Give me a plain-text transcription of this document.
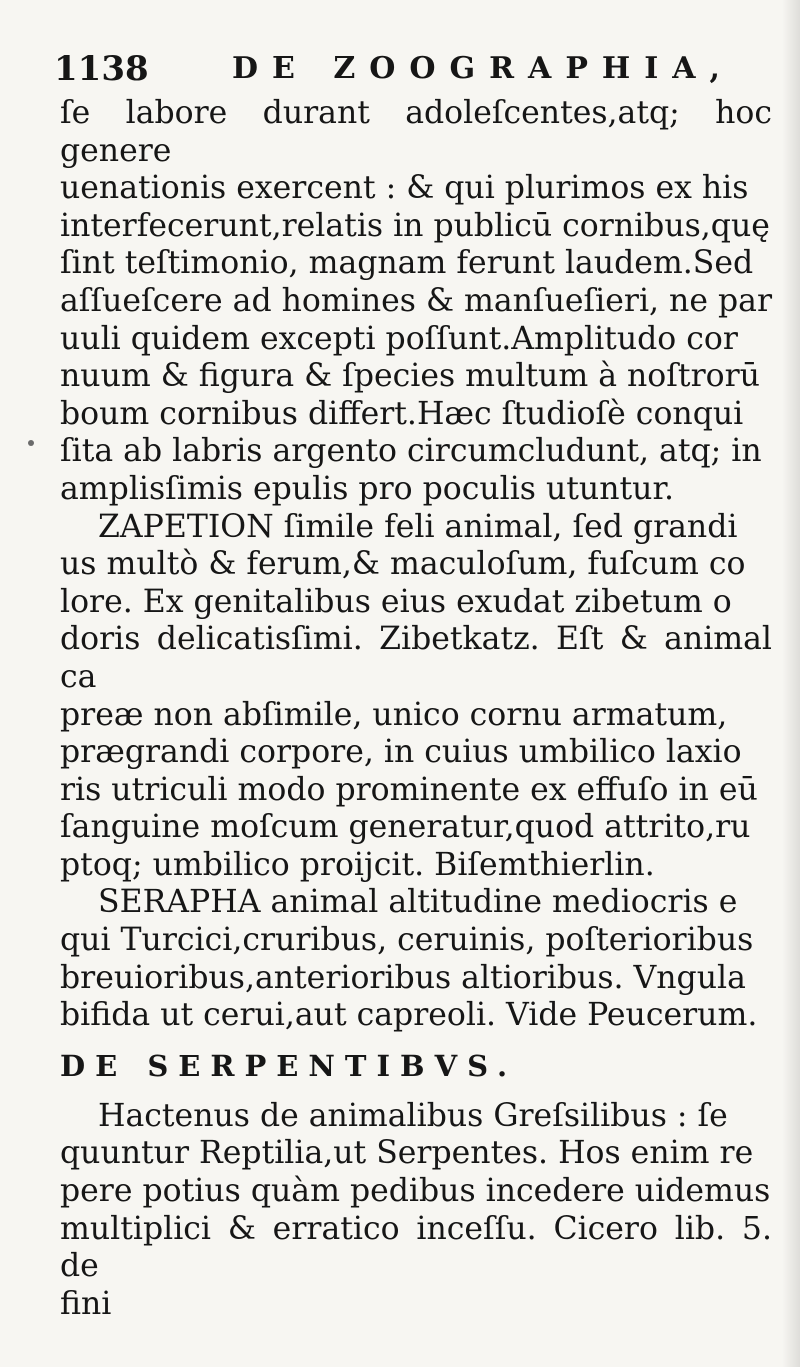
1138	DE ZOOGRAPHIA,

ſe labore durant adoleſcentes,atq; hoc genere
uenationis exercent : & qui plurimos ex his
interfecerunt,relatis in publicū cornibus,quę
ſint teſtimonio, magnam ferunt laudem.Sed
aſſueſcere ad homines & manſueſieri, ne par
uuli quidem excepti poſſunt.Amplitudo cor
nuum & figura & ſpecies multum à noſtrorū
boum cornibus differt.Hæc ſtudioſè conqui
ſita ab labris argento circumcludunt, atq; in
amplisſimis epulis pro poculis utuntur.

ZAPETION ſimile feli animal, ſed grandi
us multò & ferum,& maculoſum, fuſcum co
lore. Ex genitalibus eius exudat zibetum o
doris delicatisſimi. Zibetkatz. Eſt & animal ca
preæ non abſimile, unico cornu armatum,
prægrandi corpore, in cuius umbilico laxio
ris utriculi modo prominente ex effuſo in eū
ſanguine moſcum generatur,quod attrito,ru
ptoq; umbilico proijcit. Biſemthierlin.

SERAPHA animal altitudine mediocris e
qui Turcici,cruribus, ceruinis, poſterioribus
breuioribus,anterioribus altioribus. Vngula
bifida ut cerui,aut capreoli. Vide Peucerum.

DE SERPENTIBVS.

Hactenus de animalibus Greſsilibus : ſe
quuntur Reptilia,ut Serpentes. Hos enim re
pere potius quàm pedibus incedere uidemus
multiplici & erratico inceſſu. Cicero lib. 5. de

fini
